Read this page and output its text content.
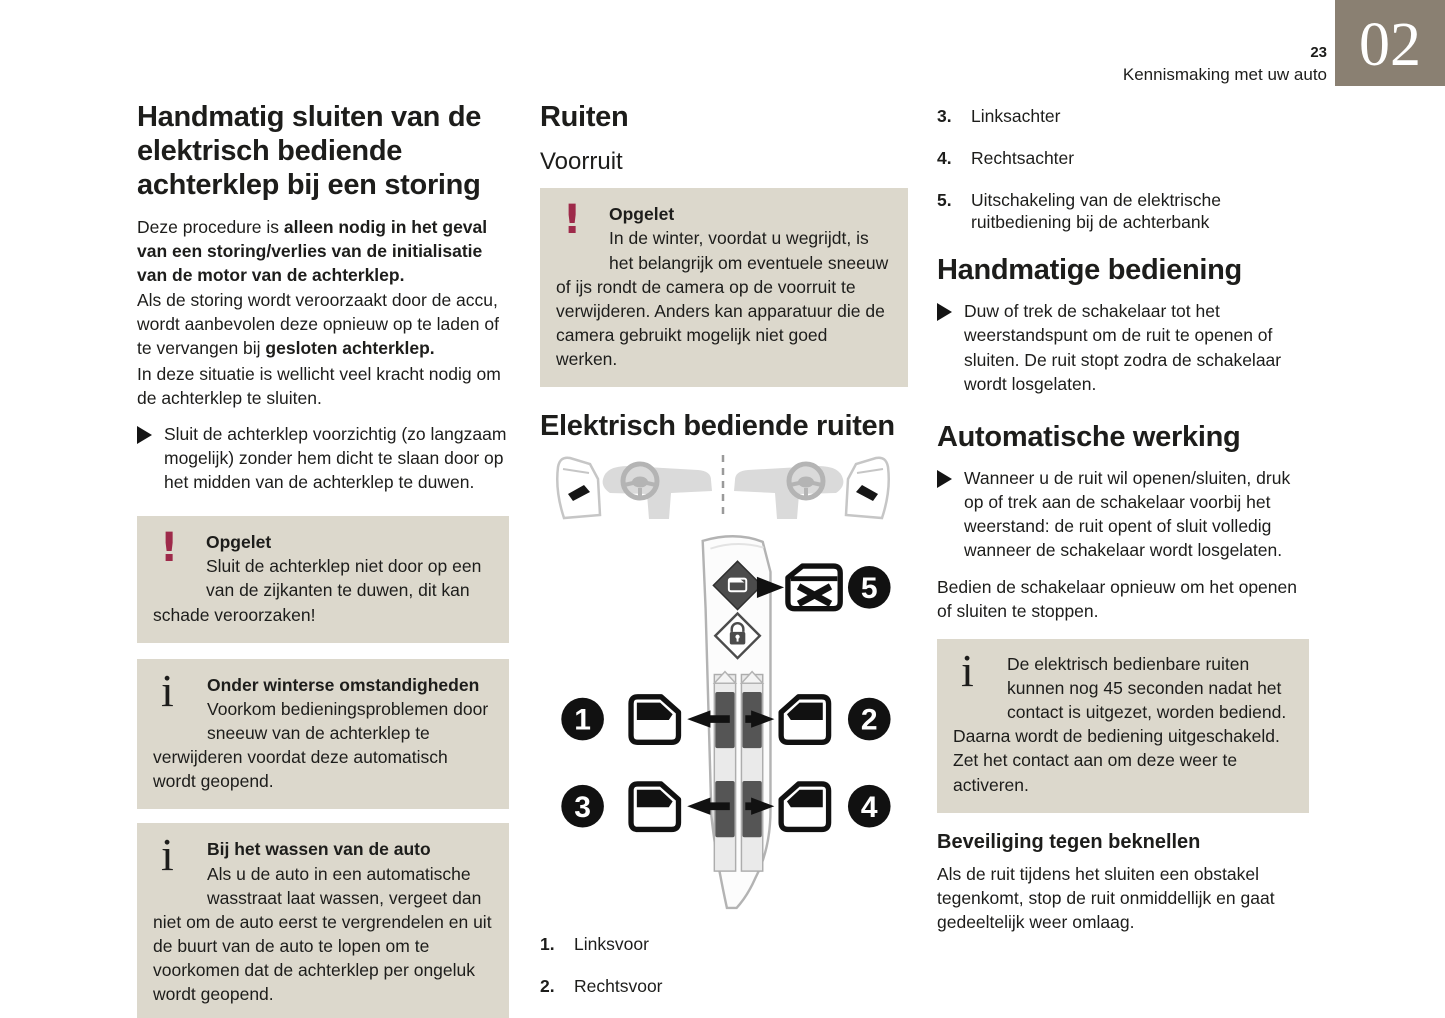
23
Kennismaking met uw auto 02
Handmatig sluiten van de elektrisch bediende achterklep bij een storing

Deze procedure is alleen nodig in het geval van een storing/verlies van de initialisatie van de motor van de achterklep.

Als de storing wordt veroorzaakt door de accu, wordt aanbevolen deze opnieuw op te laden of te vervangen bij gesloten achterklep.

In deze situatie is wellicht veel kracht nodig om de achterklep te sluiten.

Sluit de achterklep voorzichtig (zo langzaam mogelijk) zonder hem dicht te slaan door op het midden van de achterklep te duwen.
!	Opgelet
Sluit de achterklep niet door op een van de zijkanten te duwen, dit kan schade veroorzaken!
i	Onder winterse omstandigheden
Voorkom bedieningsproblemen door sneeuw van de achterklep te verwijderen voordat deze automatisch wordt geopend.
i	Bij het wassen van de auto
Als u de auto in een automatische wasstraat laat wassen, vergeet dan niet om de auto eerst te vergrendelen en uit de buurt van de auto te lopen om te voorkomen dat de achterklep per ongeluk wordt geopend.
Ruiten
Voorruit
!	Opgelet
In de winter, voordat u wegrijdt, is het belangrijk om eventuele sneeuw of ijs rondt de camera op de voorruit te verwijderen. Anders kan apparatuur die de camera gebruikt mogelijk niet goed werken.
Elektrisch bediende ruiten
1	2
3	4
5
1.	Linksvoor
2.	Rechtsvoor
3.	Linksachter
4.	Rechtsachter
5.	Uitschakeling van de elektrische ruitbediening bij de achterbank
Handmatige bediening
Duw of trek de schakelaar tot het weerstandspunt om de ruit te openen of sluiten. De ruit stopt zodra de schakelaar wordt losgelaten.
Automatische werking
Wanneer u de ruit wil openen/sluiten, druk op of trek aan de schakelaar voorbij het weerstand: de ruit opent of sluit volledig wanneer de schakelaar wordt losgelaten.

Bedien de schakelaar opnieuw om het openen of sluiten te stoppen.

i	De elektrisch bedienbare ruiten kunnen nog 45 seconden nadat het contact is uitgezet, worden bediend. Daarna wordt de bediening uitgeschakeld. Zet het contact aan om deze weer te activeren.
Beveiliging tegen beknellen

Als de ruit tijdens het sluiten een obstakel tegenkomt, stop de ruit onmiddellijk en gaat gedeeltelijk weer omlaag.
